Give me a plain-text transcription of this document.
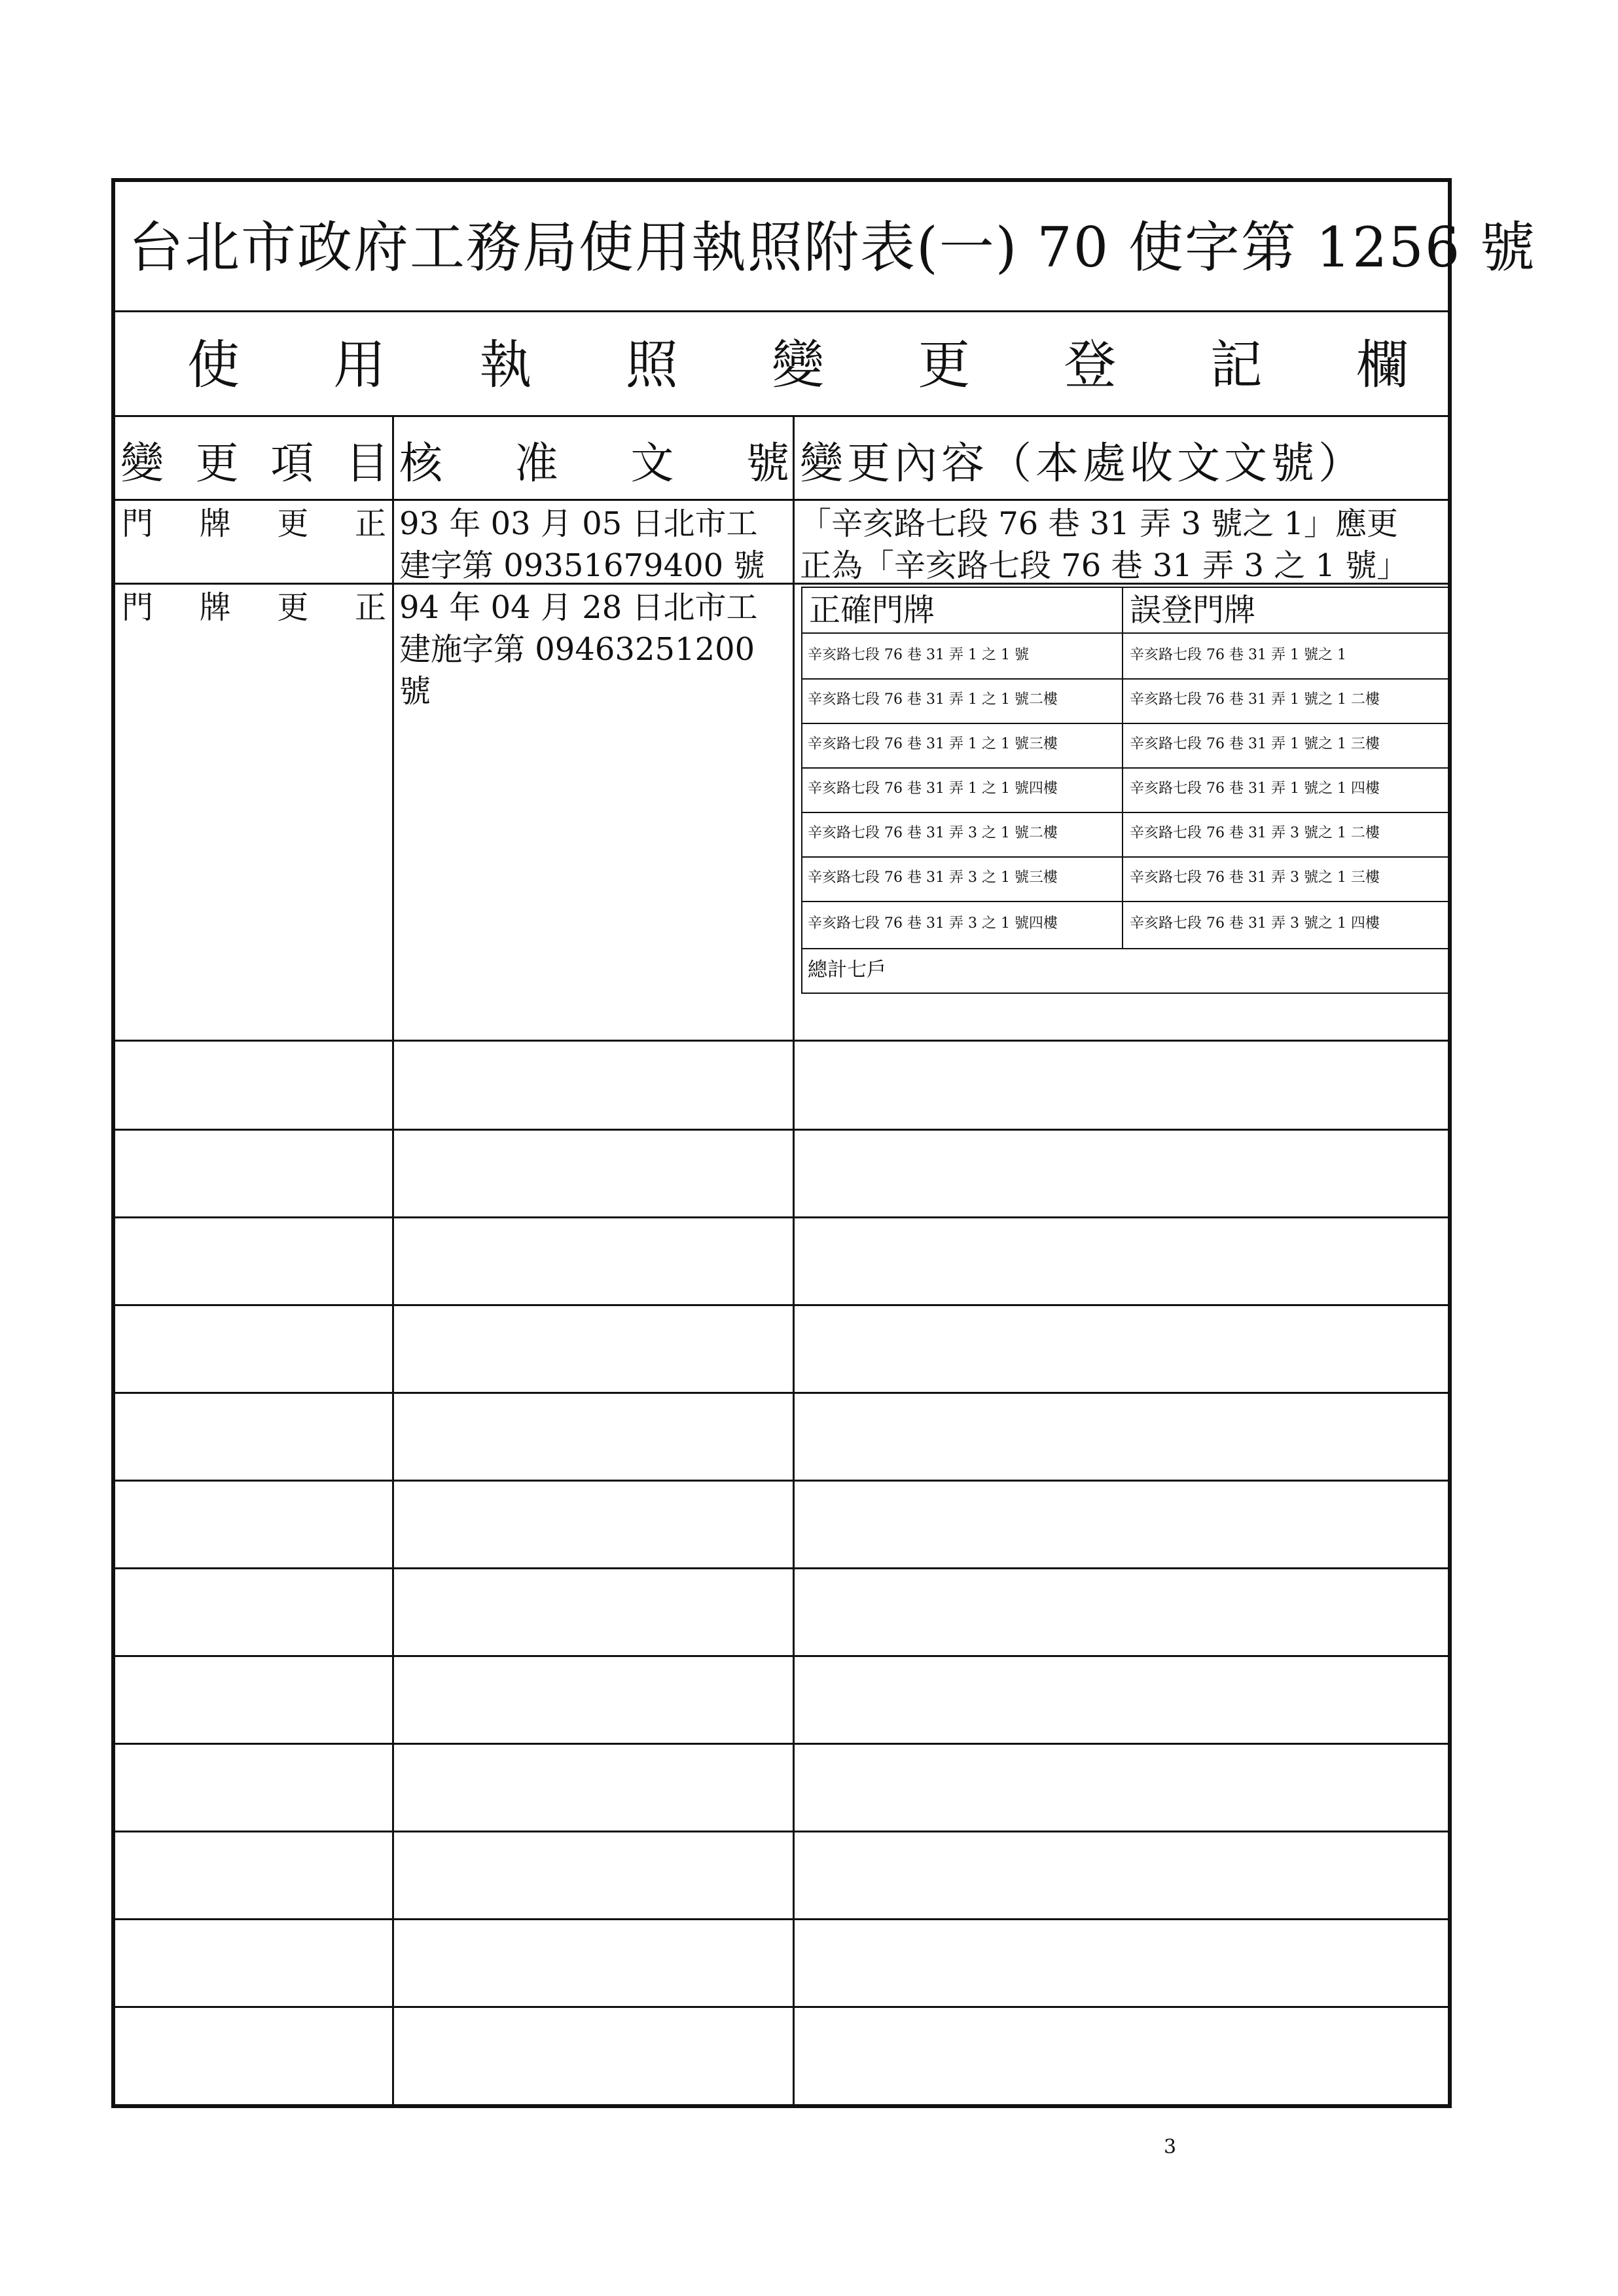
台北市政府工務局使用執照附表(一) 70 使字第 1256 號
使 用 執 照 變 更 登 記 欄
變 更 項 目 核 准 文 號 變更內容（本處收文文號）
門 牌 更 正 93 年 03 月 05 日北市工
建字第 09351679400 號
「辛亥路七段 76 巷 31 弄 3 號之 1」應更
正為「辛亥路七段 76 巷 31 弄 3 之 1 號」
門 牌 更 正 94 年 04 月 28 日北市工
建施字第 09463251200
號
正確門牌	誤登門牌
辛亥路七段 76 巷 31 弄 1 之 1 號
辛亥路七段 76 巷 31 弄 1 之 1 號二樓
辛亥路七段 76 巷 31 弄 1 之 1 號三樓
辛亥路七段 76 巷 31 弄 1 之 1 號四樓
辛亥路七段 76 巷 31 弄 3 之 1 號二樓
辛亥路七段 76 巷 31 弄 3 之 1 號三樓
辛亥路七段 76 巷 31 弄 3 之 1 號四樓
辛亥路七段 76 巷 31 弄 1 號之 1
辛亥路七段 76 巷 31 弄 1 號之 1 二樓
辛亥路七段 76 巷 31 弄 1 號之 1 三樓
辛亥路七段 76 巷 31 弄 1 號之 1 四樓
辛亥路七段 76 巷 31 弄 3 號之 1 二樓
辛亥路七段 76 巷 31 弄 3 號之 1 三樓
辛亥路七段 76 巷 31 弄 3 號之 1 四樓
總計七戶
3
